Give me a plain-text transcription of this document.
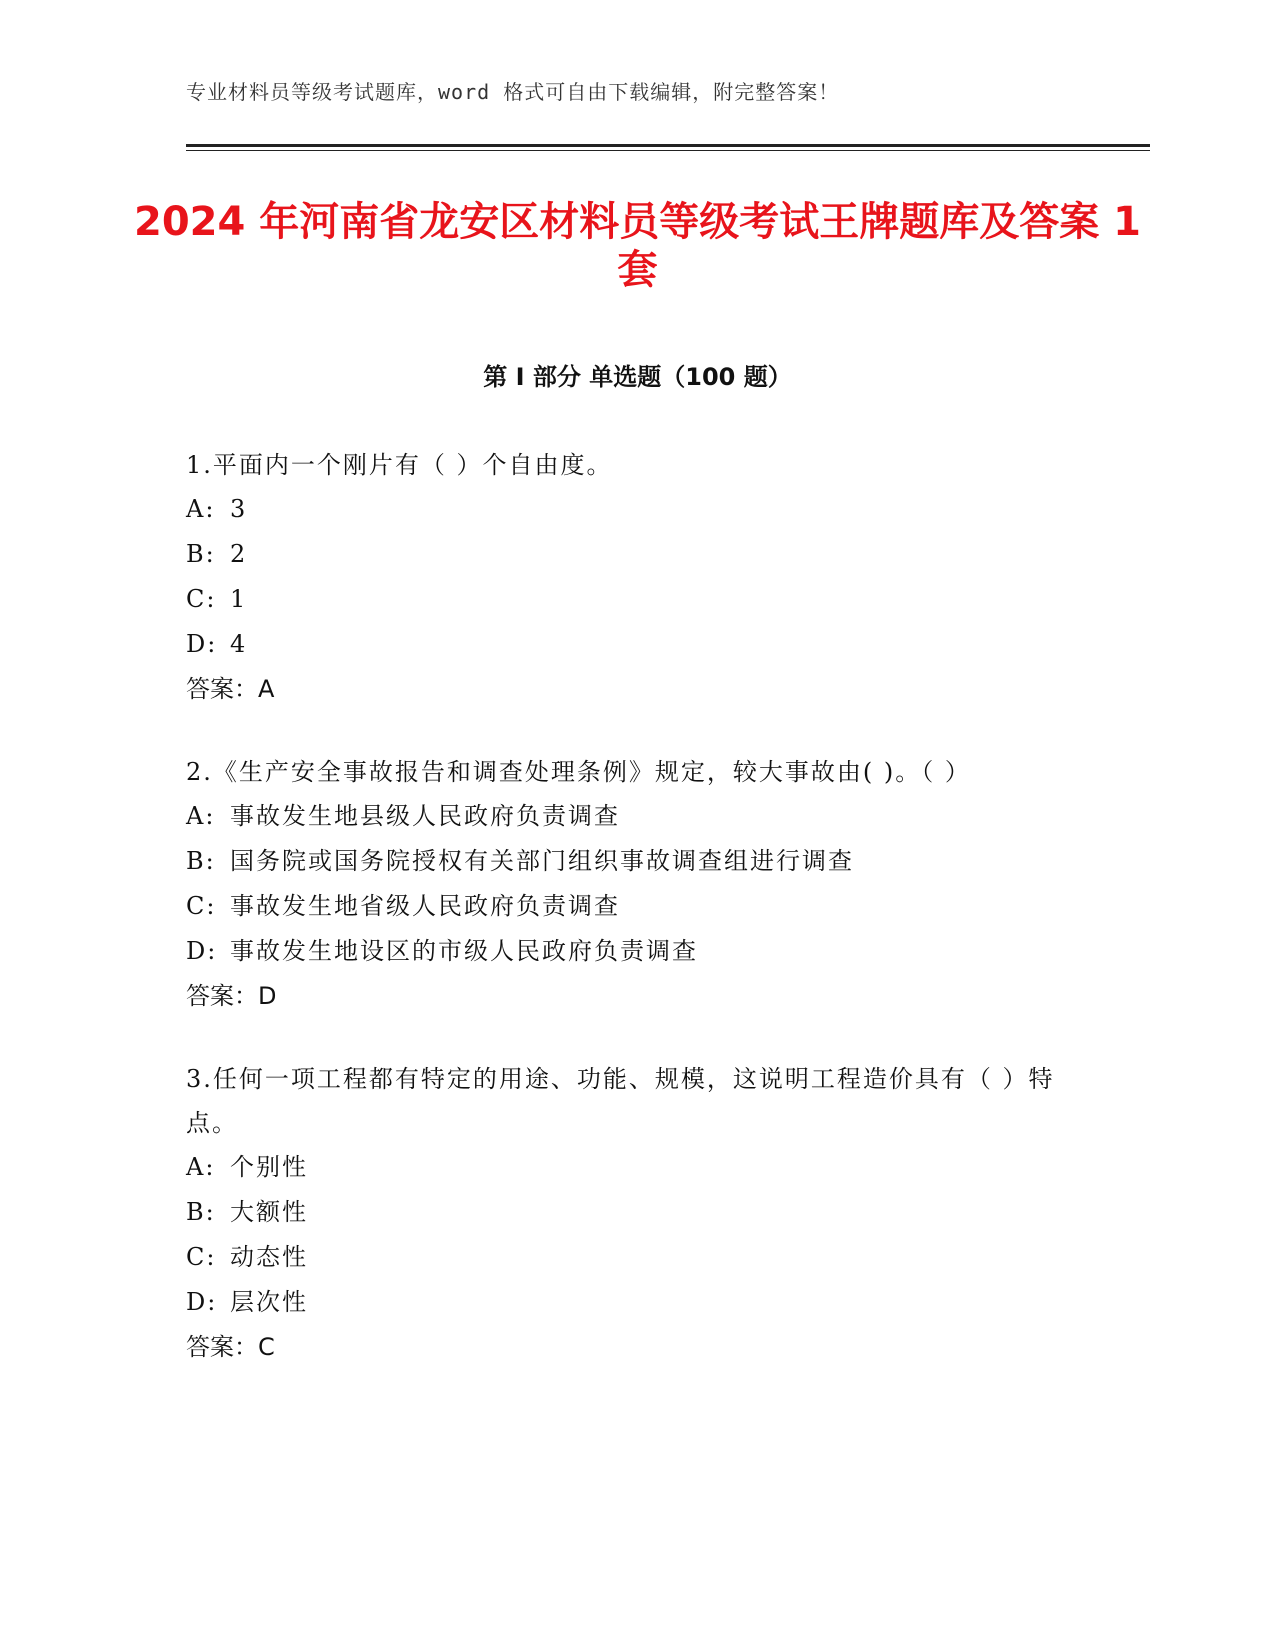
专业材料员等级考试题库，word 格式可自由下载编辑，附完整答案！
2024 年河南省龙安区材料员等级考试王牌题库及答案 1 套
第 I 部分 单选题（100 题）

1.平面内一个刚片有（ ）个自由度。

A: 3
B: 2
C: 1
D: 4
答案：A

2.《生产安全事故报告和调查处理条例》规定，较大事故由( )。（ ）

A: 事故发生地县级人民政府负责调查
B: 国务院或国务院授权有关部门组织事故调查组进行调查
C: 事故发生地省级人民政府负责调查
D: 事故发生地设区的市级人民政府负责调查
答案：D

3.任何一项工程都有特定的用途、功能、规模，这说明工程造价具有（ ）特点。

A: 个别性
B: 大额性
C: 动态性
D: 层次性
答案：C
